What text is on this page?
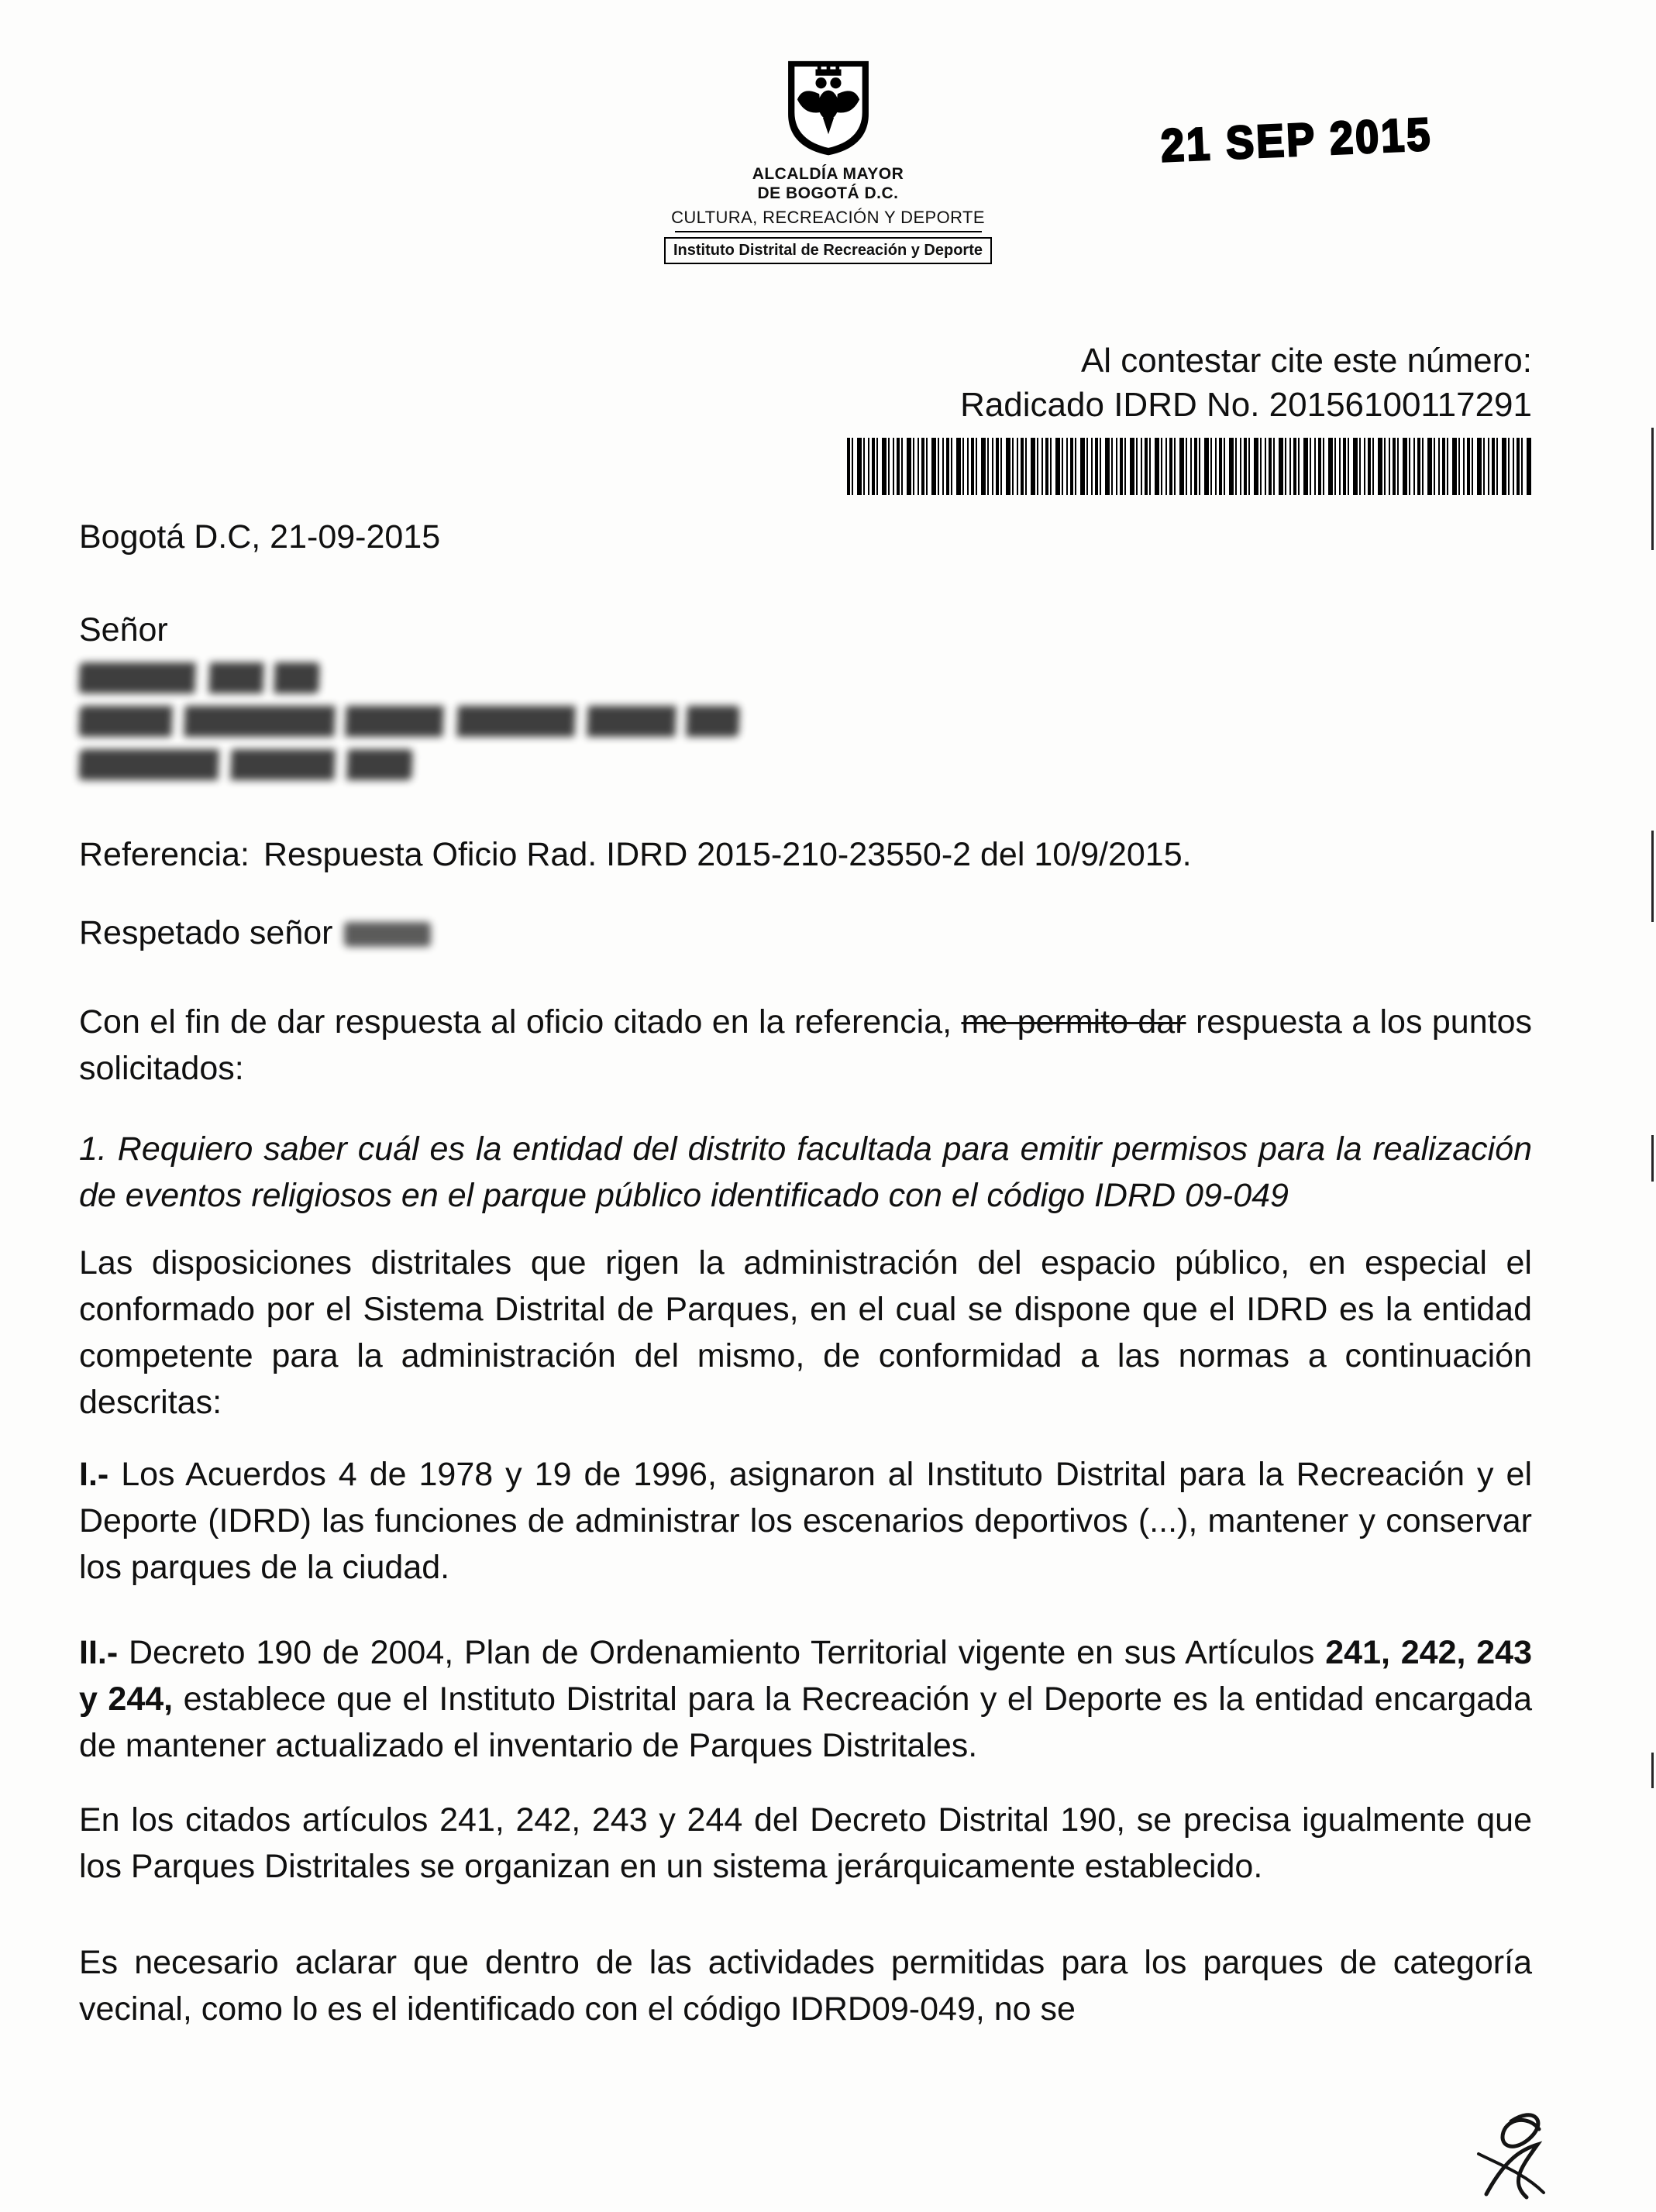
21 SEP 2015
ALCALDÍA MAYOR
DE BOGOTÁ D.C.
CULTURA, RECREACIÓN Y DEPORTE
Instituto Distrital de Recreación y Deporte
Al contestar cite este número:
Radicado IDRD No. 20156100117291

Bogotá D.C, 21-09-2015

Señor

Referencia: Respuesta Oficio Rad. IDRD 2015-210-23550-2 del 10/9/2015.

Respetado señor

Con el fin de dar respuesta al oficio citado en la referencia, me permito dar respuesta a los puntos solicitados:

1. Requiero saber cuál es la entidad del distrito facultada para emitir permisos para la realización de eventos religiosos en el parque público identificado con el código IDRD 09-049

Las disposiciones distritales que rigen la administración del espacio público, en especial el conformado por el Sistema Distrital de Parques, en el cual se dispone que el IDRD es la entidad competente para la administración del mismo, de conformidad a las normas a continuación descritas:

I.- Los Acuerdos 4 de 1978 y 19 de 1996, asignaron al Instituto Distrital para la Recreación y el Deporte (IDRD) las funciones de administrar los escenarios deportivos (...), mantener y conservar los parques de la ciudad.

II.- Decreto 190 de 2004, Plan de Ordenamiento Territorial vigente en sus Artículos 241, 242, 243 y 244, establece que el Instituto Distrital para la Recreación y el Deporte es la entidad encargada de mantener actualizado el inventario de Parques Distritales.

En los citados artículos 241, 242, 243 y 244 del Decreto Distrital 190, se precisa igualmente que los Parques Distritales se organizan en un sistema jerárquicamente establecido.

Es necesario aclarar que dentro de las actividades permitidas para los parques de categoría vecinal, como lo es el identificado con el código IDRD09-049, no se
